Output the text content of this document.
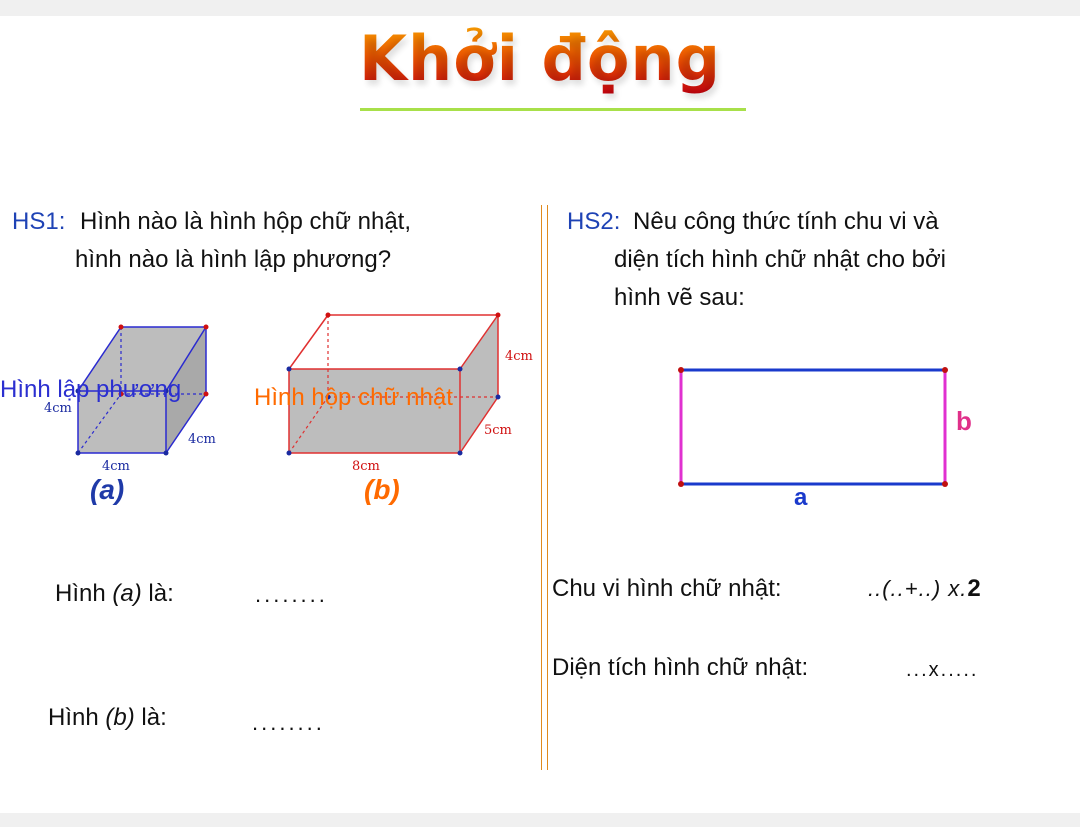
Khởi động
HS1: Hình nào là hình hộp chữ nhật,
hình nào là hình lập phương?
HS2: Nêu công thức tính chu vi và
diện tích hình chữ nhật cho bởi
hình vẽ sau:
Hình lập phương
4cm
4cm
4cm
(a)
Hình hộp chữ nhật
4cm
5cm
8cm
(b)
b
a
Hình (a) là:	........
Hình (b) là:	........
Chu vi hình chữ nhật:	..(..+..) x.2
Diện tích hình chữ nhật:	...x.....
